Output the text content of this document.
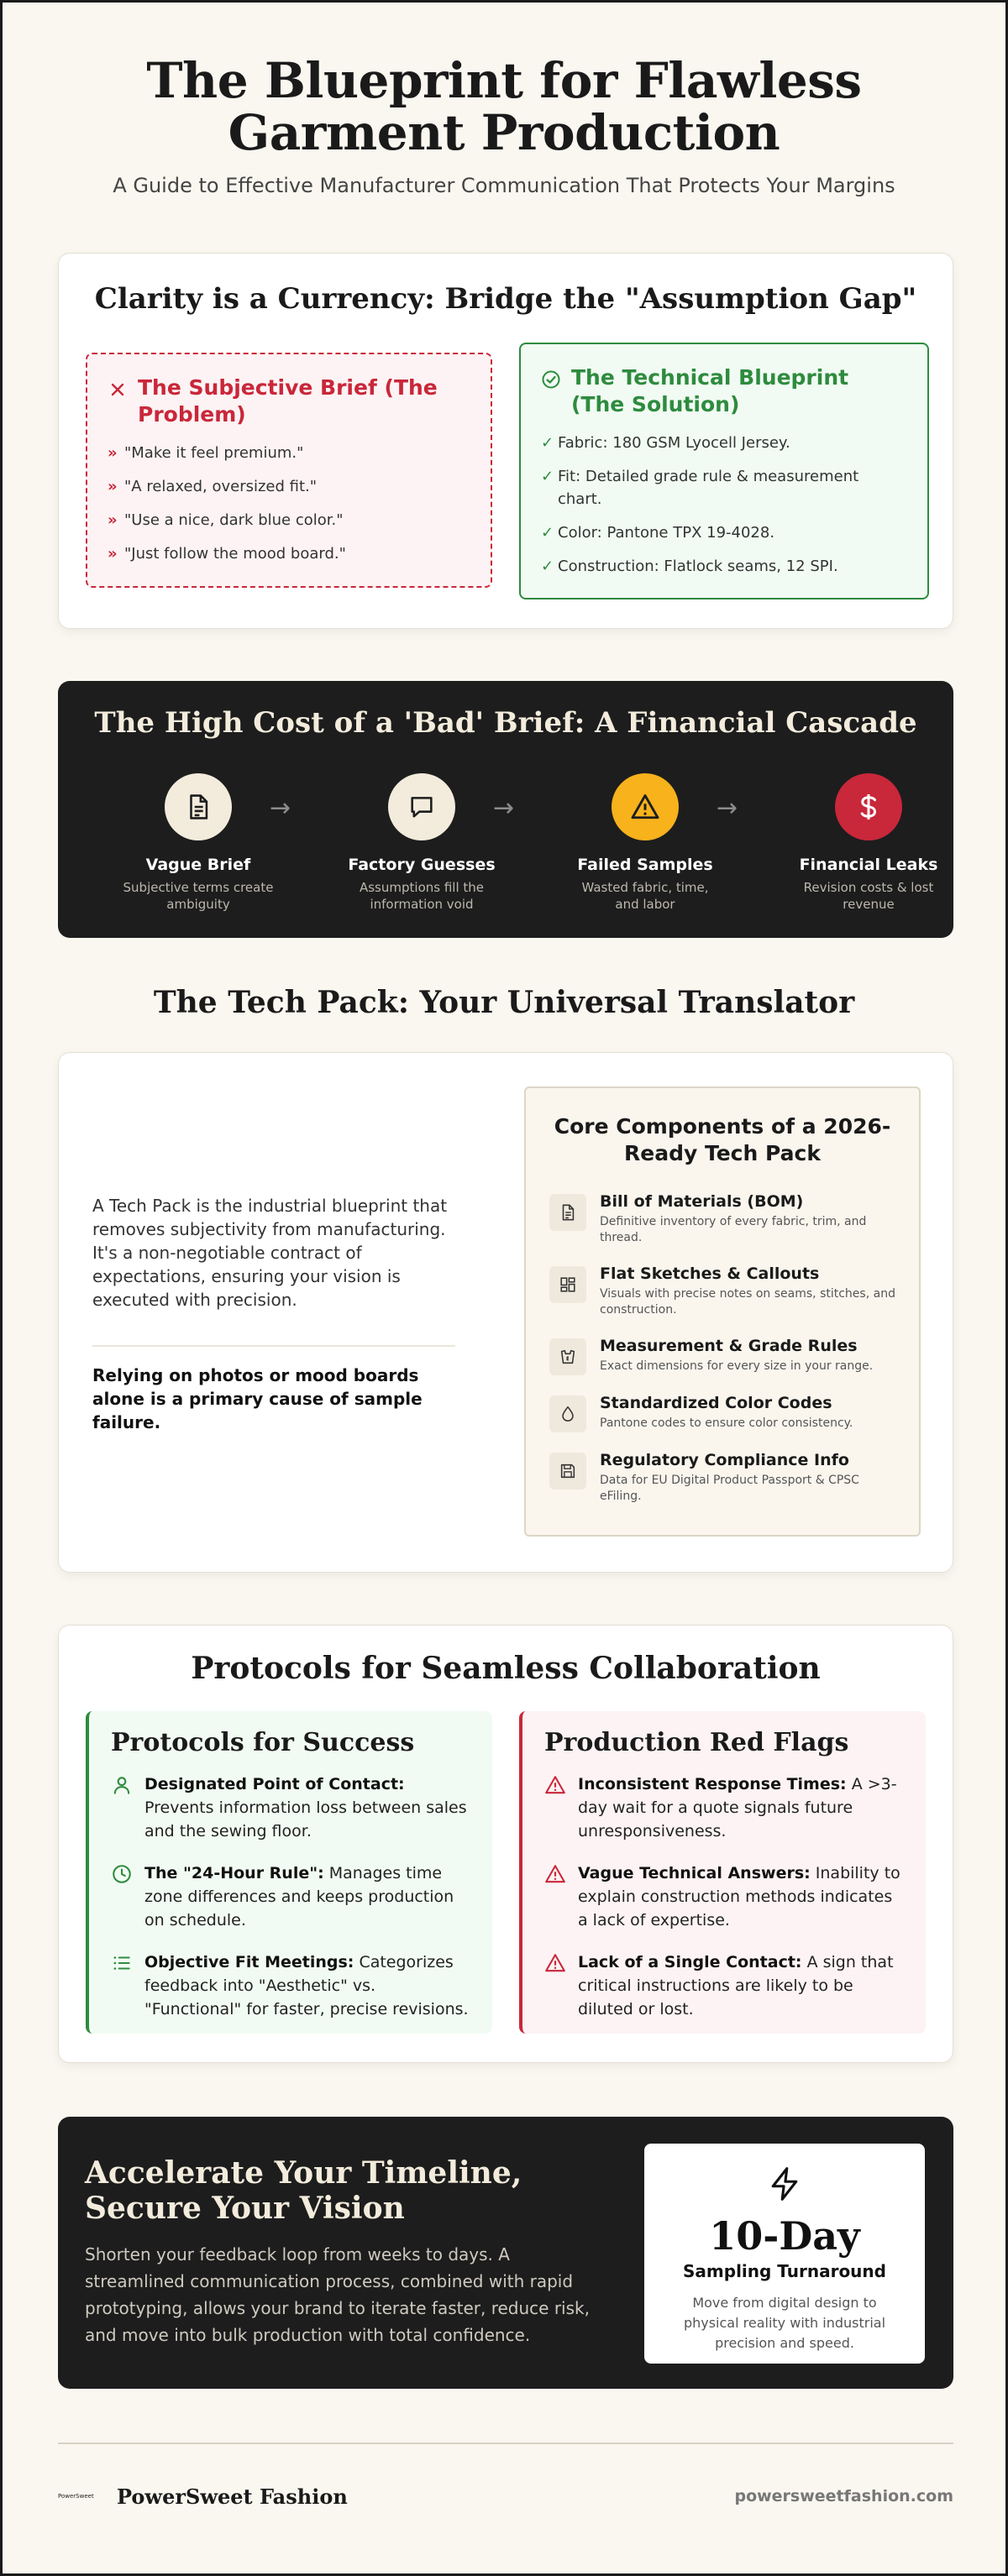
The Blueprint for Flawless Garment Production

A Guide to Effective Manufacturer Communication That Protects Your Margins

Clarity is a Currency: Bridge the "Assumption Gap"
The Subjective Brief (The Problem)
» "Make it feel premium."
» "A relaxed, oversized fit."
» "Use a nice, dark blue color."
» "Just follow the mood board."
The Technical Blueprint (The Solution)
✓ Fabric: 180 GSM Lyocell Jersey.
✓ Fit: Detailed grade rule & measurement chart.
✓ Color: Pantone TPX 19-4028.
✓ Construction: Flatlock seams, 12 SPI.
The High Cost of a 'Bad' Brief: A Financial Cascade
Vague Brief
Subjective terms create ambiguity
→
Factory Guesses
Assumptions fill the information void
→
Failed Samples
Wasted fabric, time, and labor
→
Financial Leaks
Revision costs & lost revenue
The Tech Pack: Your Universal Translator

A Tech Pack is the industrial blueprint that removes subjectivity from manufacturing. It's a non-negotiable contract of expectations, ensuring your vision is executed with precision.

Relying on photos or mood boards alone is a primary cause of sample failure.

Core Components of a 2026-Ready Tech Pack
Bill of Materials (BOM)
Definitive inventory of every fabric, trim, and thread.
Flat Sketches & Callouts
Visuals with precise notes on seams, stitches, and construction.
Measurement & Grade Rules
Exact dimensions for every size in your range.
Standardized Color Codes
Pantone codes to ensure color consistency.
Regulatory Compliance Info
Data for EU Digital Product Passport & CPSC eFiling.
Protocols for Seamless Collaboration
Protocols for Success

Designated Point of Contact: Prevents information loss between sales and the sewing floor.

The "24-Hour Rule": Manages time zone differences and keeps production on schedule.

Objective Fit Meetings: Categorizes feedback into "Aesthetic" vs. "Functional" for faster, precise revisions.

Production Red Flags

Inconsistent Response Times: A >3-day wait for a quote signals future unresponsiveness.

Vague Technical Answers: Inability to explain construction methods indicates a lack of expertise.

Lack of a Single Contact: A sign that critical instructions are likely to be diluted or lost.

Accelerate Your Timeline, Secure Your Vision

Shorten your feedback loop from weeks to days. A streamlined communication process, combined with rapid prototyping, allows your brand to iterate faster, reduce risk, and move into bulk production with total confidence.

10-Day
Sampling Turnaround
Move from digital design to physical reality with industrial precision and speed.
PowerSweet	PowerSweet Fashion	powersweetfashion.com
